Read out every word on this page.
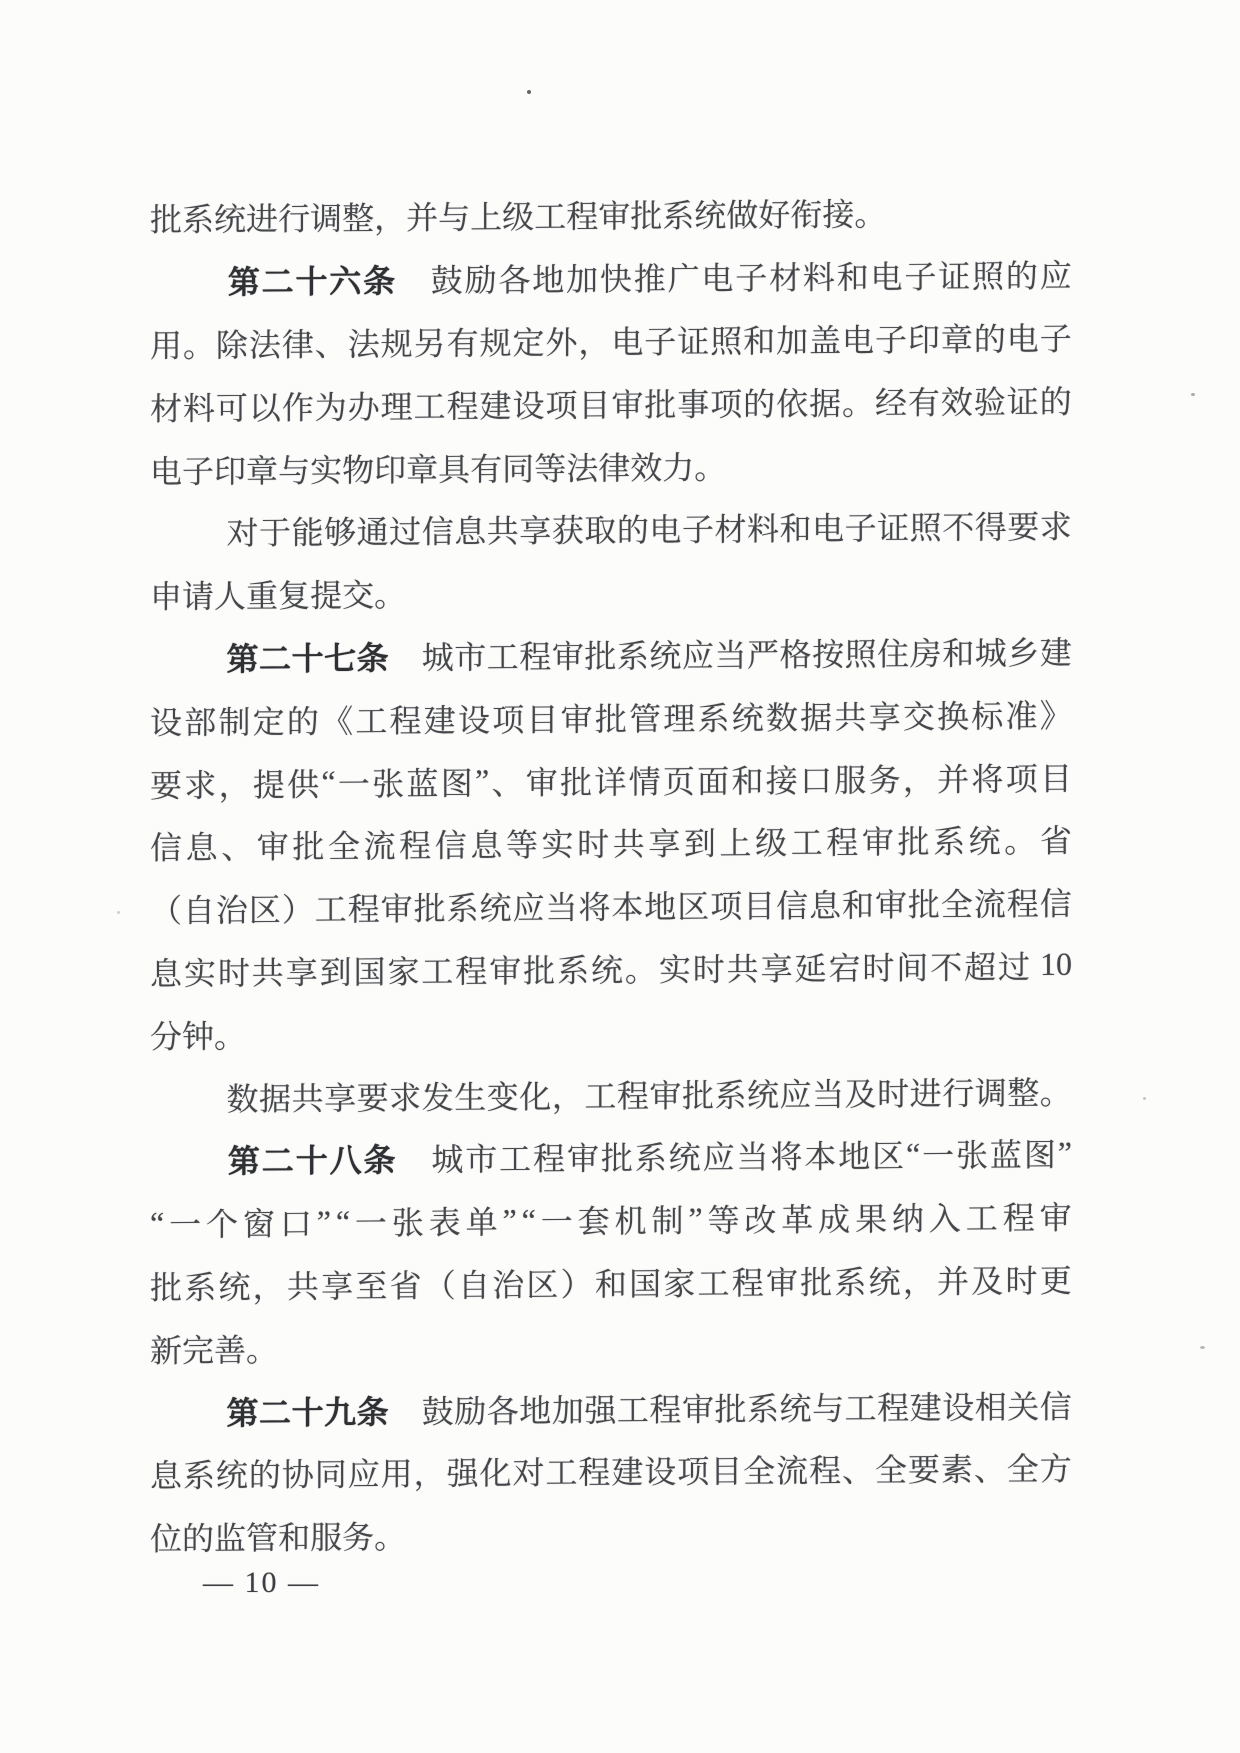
批 系 统 进 行 调 整 ， 并 与 上 级 工 程 审 批 系 统 做 好 衔 接 。
第 二 十 六 条
　 鼓 励 各 地 加 快 推 广 电 子 材 料 和 电 子 证 照 的 应
用 。 除 法 律 、 法 规 另 有 规 定 外 ， 电 子 证 照 和 加 盖 电 子 印 章 的 电 子
材 料 可 以 作 为 办 理 工 程 建 设 项 目 审 批 事 项 的 依 据 。 经 有 效 验 证 的
电 子 印 章 与 实 物 印 章 具 有 同 等 法 律 效 力 。
对 于 能 够 通 过 信 息 共 享 获 取 的 电 子 材 料 和 电 子 证 照 不 得 要 求
申 请 人 重 复 提 交 。
第 二 十 七 条
　 城 市 工 程 审 批 系 统 应 当 严 格 按 照 住 房 和 城 乡 建
设 部 制 定 的 《 工 程 建 设 项 目 审 批 管 理 系 统 数 据 共 享 交 换 标 准 》
要 求 ， 提 供 “ 一 张 蓝 图 ” 、 审 批 详 情 页 面 和 接 口 服 务 ， 并 将 项 目
信 息 、 审 批 全 流 程 信 息 等 实 时 共 享 到 上 级 工 程 审 批 系 统 。 省
（ 自 治 区 ） 工 程 审 批 系 统 应 当 将 本 地 区 项 目 信 息 和 审 批 全 流 程 信
息 实 时 共 享 到 国 家 工 程 审 批 系 统 。 实 时 共 享 延 宕 时 间 不 超 过 10
分 钟 。
数 据 共 享 要 求 发 生 变 化 ， 工 程 审 批 系 统 应 当 及 时 进 行 调 整 。
第 二 十 八 条
　 城 市 工 程 审 批 系 统 应 当 将 本 地 区 “ 一 张 蓝 图 ”
“ 一 个 窗 口 ” “ 一 张 表 单 ” “ 一 套 机 制 ” 等 改 革 成 果 纳 入 工 程 审
批 系 统 ， 共 享 至 省 （ 自 治 区 ） 和 国 家 工 程 审 批 系 统 ， 并 及 时 更
新 完 善 。
第 二 十 九 条
　 鼓 励 各 地 加 强 工 程 审 批 系 统 与 工 程 建 设 相 关 信
息 系 统 的 协 同 应 用 ， 强 化 对 工 程 建 设 项 目 全 流 程 、 全 要 素 、 全 方
位 的 监 管 和 服 务 。
— 10 —
